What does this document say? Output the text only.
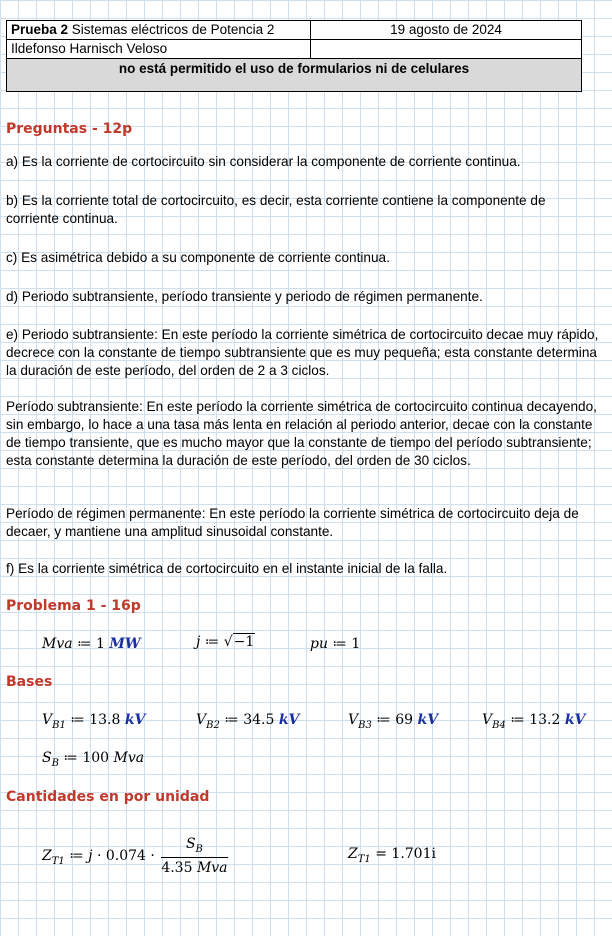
Prueba 2 Sistemas eléctricos de Potencia 2	19 agosto de 2024
Ildefonso Harnisch Veloso	
no está permitido el uso de formularios ni de celulares	
Preguntas - 12p
a) Es la corriente de cortocircuito sin considerar la componente de corriente continua.
b) Es la corriente total de cortocircuito, es decir, esta corriente contiene la componente de corriente continua.
c) Es asimétrica debido a su componente de corriente continua.
d) Periodo subtransiente, período transiente y periodo de régimen permanente.
e) Periodo subtransiente: En este período la corriente simétrica de cortocircuito decae muy rápido, decrece con la constante de tiempo subtransiente que es muy pequeña; esta constante determina la duración de este período, del orden de 2 a 3 ciclos.
Período subtransiente: En este período la corriente simétrica de cortocircuito continua decayendo, sin embargo, lo hace a una tasa más lenta en relación al periodo anterior, decae con la constante de tiempo transiente, que es mucho mayor que la constante de tiempo del período subtransiente; esta constante determina la duración de este período, del orden de 30 ciclos.
Período de régimen permanente: En este período la corriente simétrica de cortocircuito deja de decaer, y mantiene una amplitud sinusoidal constante.
f) Es la corriente simétrica de cortocircuito en el instante inicial de la falla.
Problema 1 - 16p
Mva ≔ 1 MW	j ≔ √−1	pu ≔ 1
Bases
$V_{B1}$ ≔ 13.8 kV	$V_{B2}$ ≔ 34.5 kV	$V_{B3}$ ≔ 69 kV	$V_{B4}$ ≔ 13.2 kV
$S_B$ ≔ 100 Mva
Cantidades en por unidad
$Z_{T1}$ ≔ $j \cdot 0.074 \cdot \frac{S_B}{\text{4.35 Mva}}$	$Z_{T1} = 1.701i$
